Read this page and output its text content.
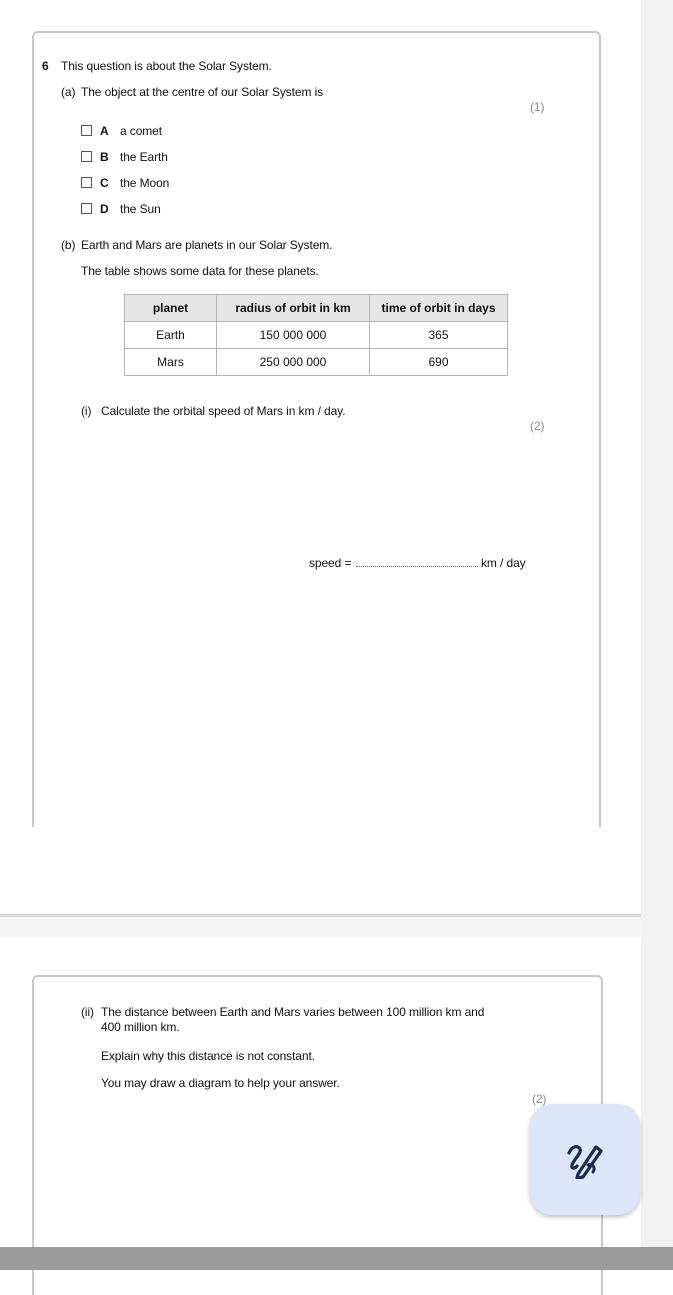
6 This question is about the Solar System.
(a) The object at the centre of our Solar System is
(1)
A a comet
B the Earth
C the Moon
D the Sun
(b) Earth and Mars are planets in our Solar System.
The table shows some data for these planets.
planet	radius of orbit in km	time of orbit in days
Earth	150 000 000	365
Mars	250 000 000	690
(i) Calculate the orbital speed of Mars in km / day.
(2)
speed =	km / day
(ii) The distance between Earth and Mars varies between 100 million km and
400 million km.
Explain why this distance is not constant.
You may draw a diagram to help your answer.
(2)
